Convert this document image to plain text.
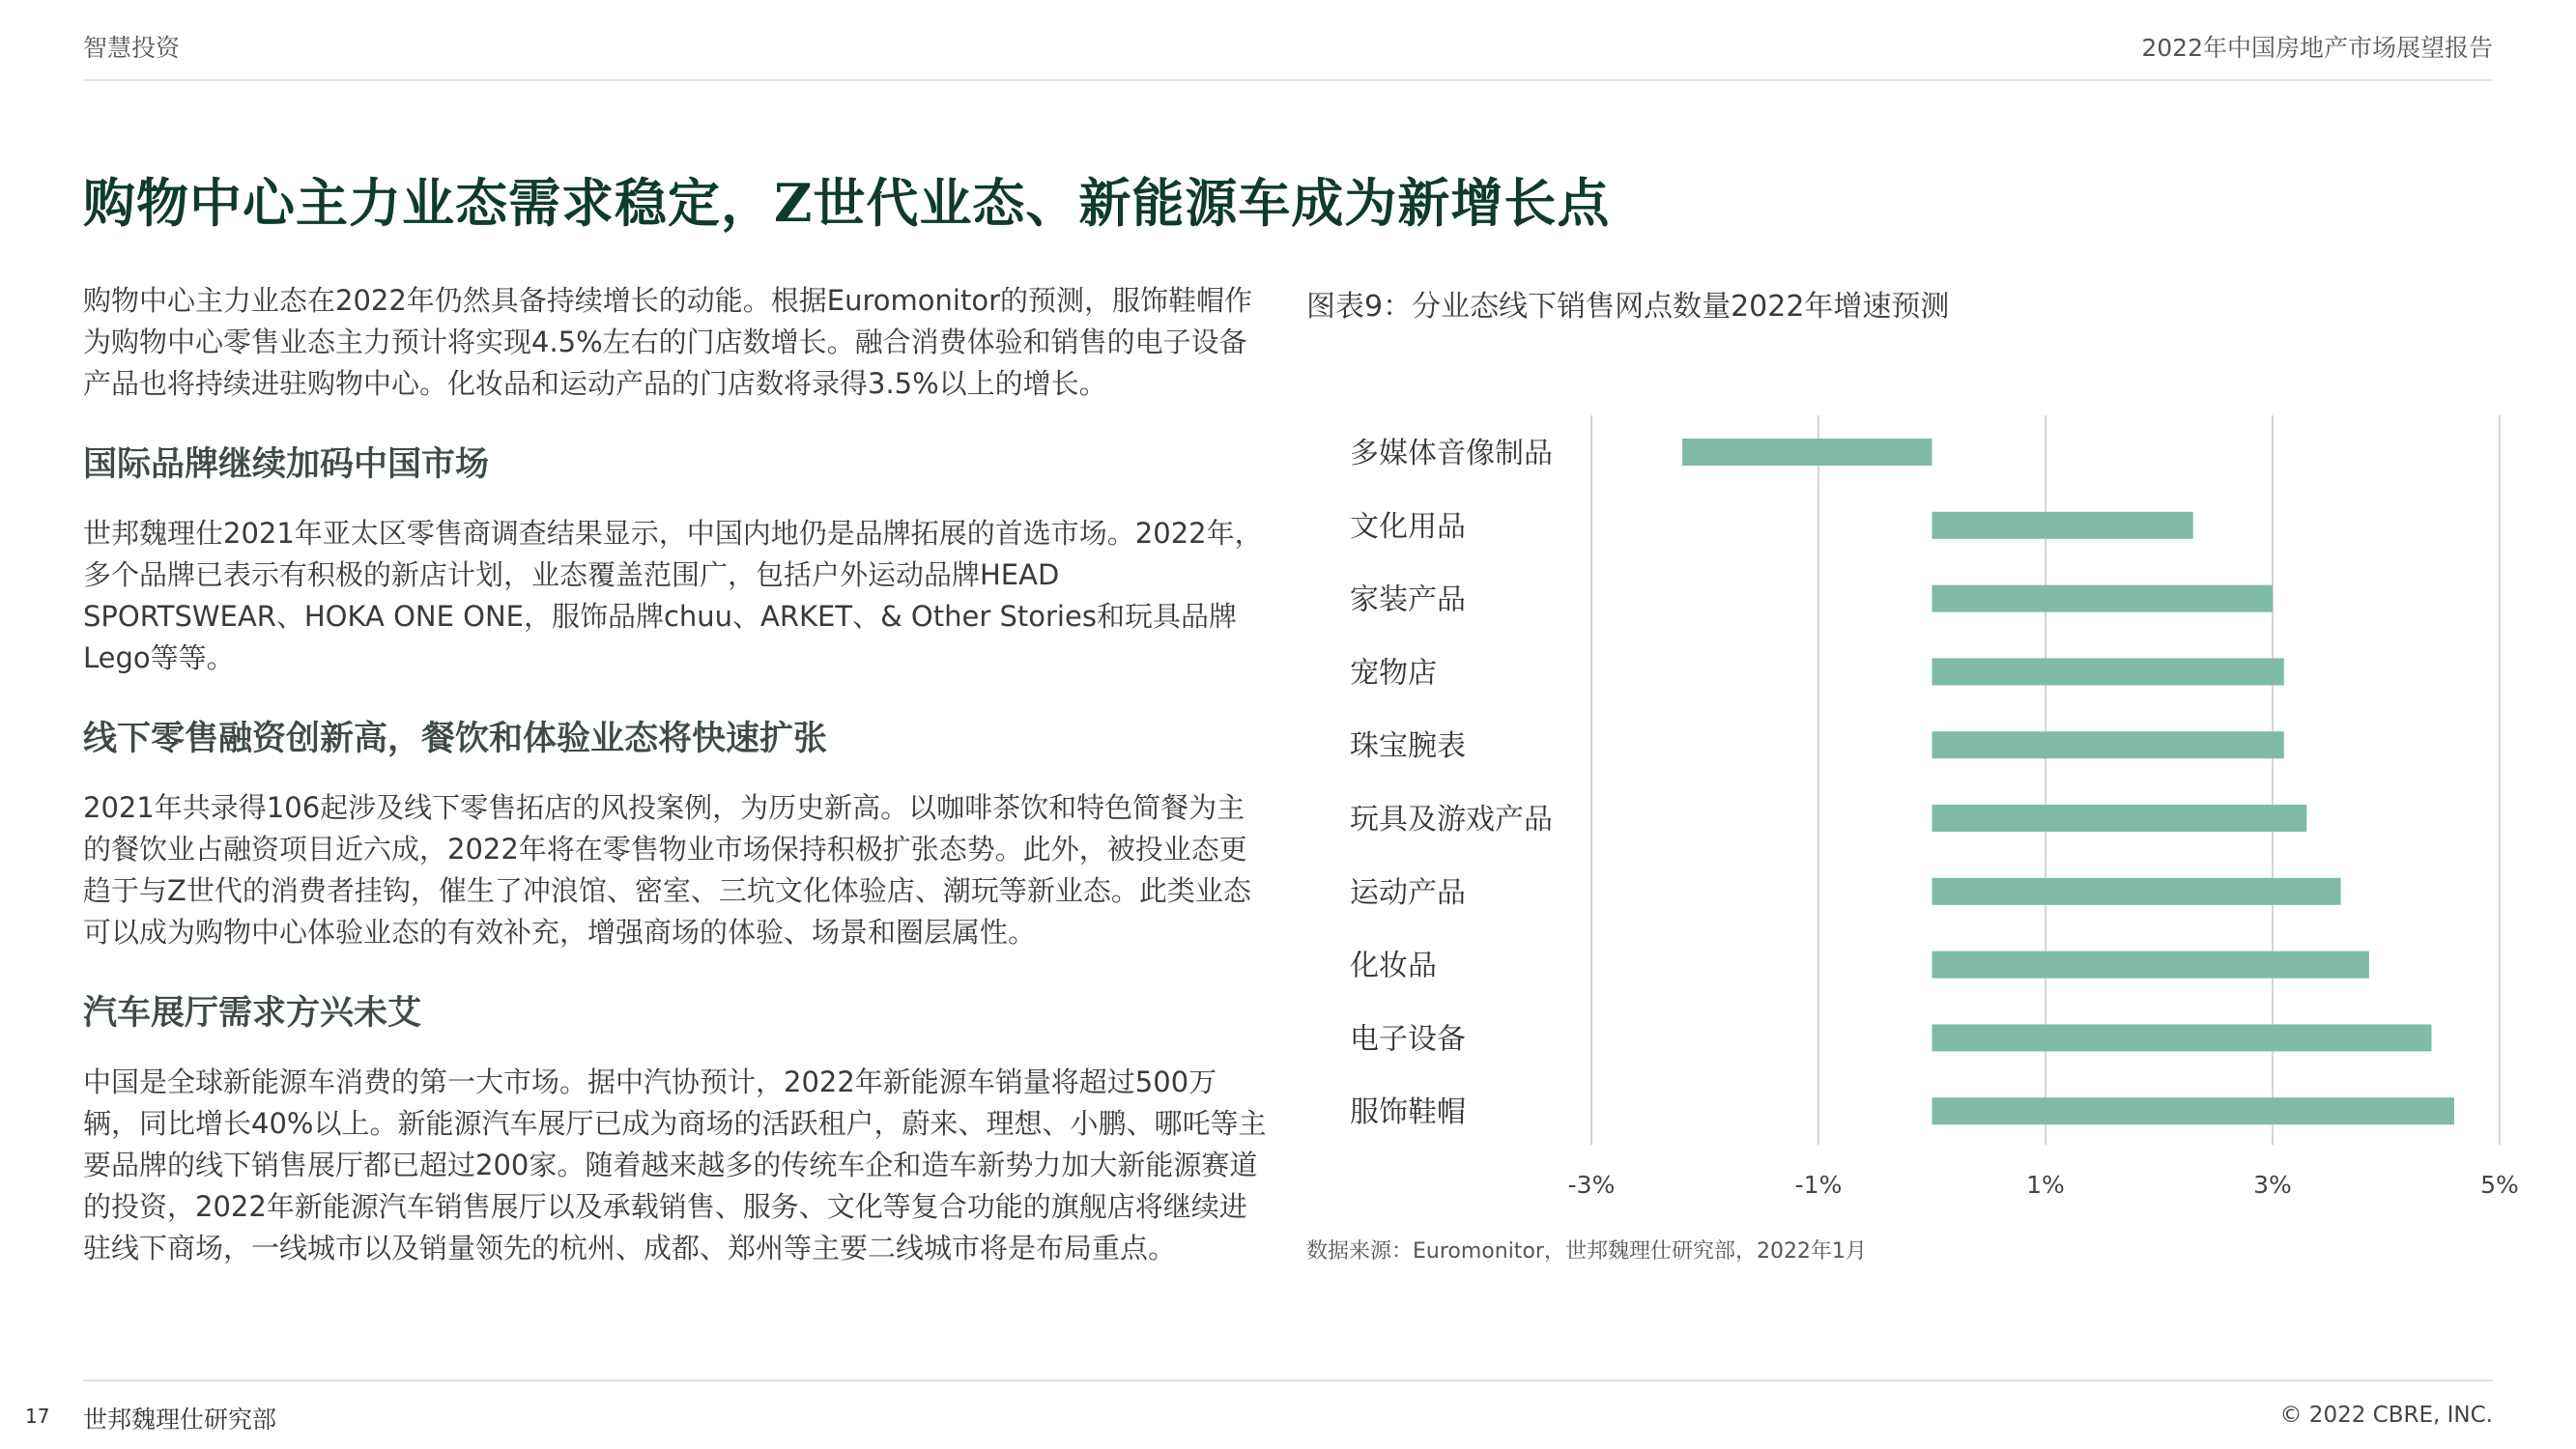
智慧投资	2022年中国房地产市场展望报告
购物中心主力业态需求稳定，Z世代业态、新能源车成为新增长点

购物中心主力业态在2022年仍然具备持续增长的动能。根据Euromonitor的预测，服饰鞋帽作为购物中心零售业态主力预计将实现4.5%左右的门店数增长。融合消费体验和销售的电子设备产品也将持续进驻购物中心。化妆品和运动产品的门店数将录得3.5%以上的增长。

国际品牌继续加码中国市场

世邦魏理仕2021年亚太区零售商调查结果显示，中国内地仍是品牌拓展的首选市场。2022年，多个品牌已表示有积极的新店计划，业态覆盖范围广，包括户外运动品牌HEAD SPORTSWEAR、HOKA ONE ONE，服饰品牌chuu、ARKET、& Other Stories和玩具品牌Lego等等。

线下零售融资创新高，餐饮和体验业态将快速扩张

2021年共录得106起涉及线下零售拓店的风投案例，为历史新高。以咖啡茶饮和特色简餐为主的餐饮业占融资项目近六成，2022年将在零售物业市场保持积极扩张态势。此外，被投业态更趋于与Z世代的消费者挂钩，催生了冲浪馆、密室、三坑文化体验店、潮玩等新业态。此类业态可以成为购物中心体验业态的有效补充，增强商场的体验、场景和圈层属性。

汽车展厅需求方兴未艾

中国是全球新能源车消费的第一大市场。据中汽协预计，2022年新能源车销量将超过500万辆，同比增长40%以上。新能源汽车展厅已成为商场的活跃租户，蔚来、理想、小鹏、哪吒等主要品牌的线下销售展厅都已超过200家。随着越来越多的传统车企和造车新势力加大新能源赛道的投资，2022年新能源汽车销售展厅以及承载销售、服务、文化等复合功能的旗舰店将继续进驻线下商场，一线城市以及销量领先的杭州、成都、郑州等主要二线城市将是布局重点。

图表9：分业态线下销售网点数量2022年增速预测
-3%	-1%	1%	3%	5%
多媒体音像制品
文化用品
家装产品
宠物店
珠宝腕表
玩具及游戏产品
运动产品
化妆品
电子设备
服饰鞋帽
数据来源：Euromonitor，世邦魏理仕研究部，2022年1月
17 世邦魏理仕研究部	© 2022 CBRE, INC.
